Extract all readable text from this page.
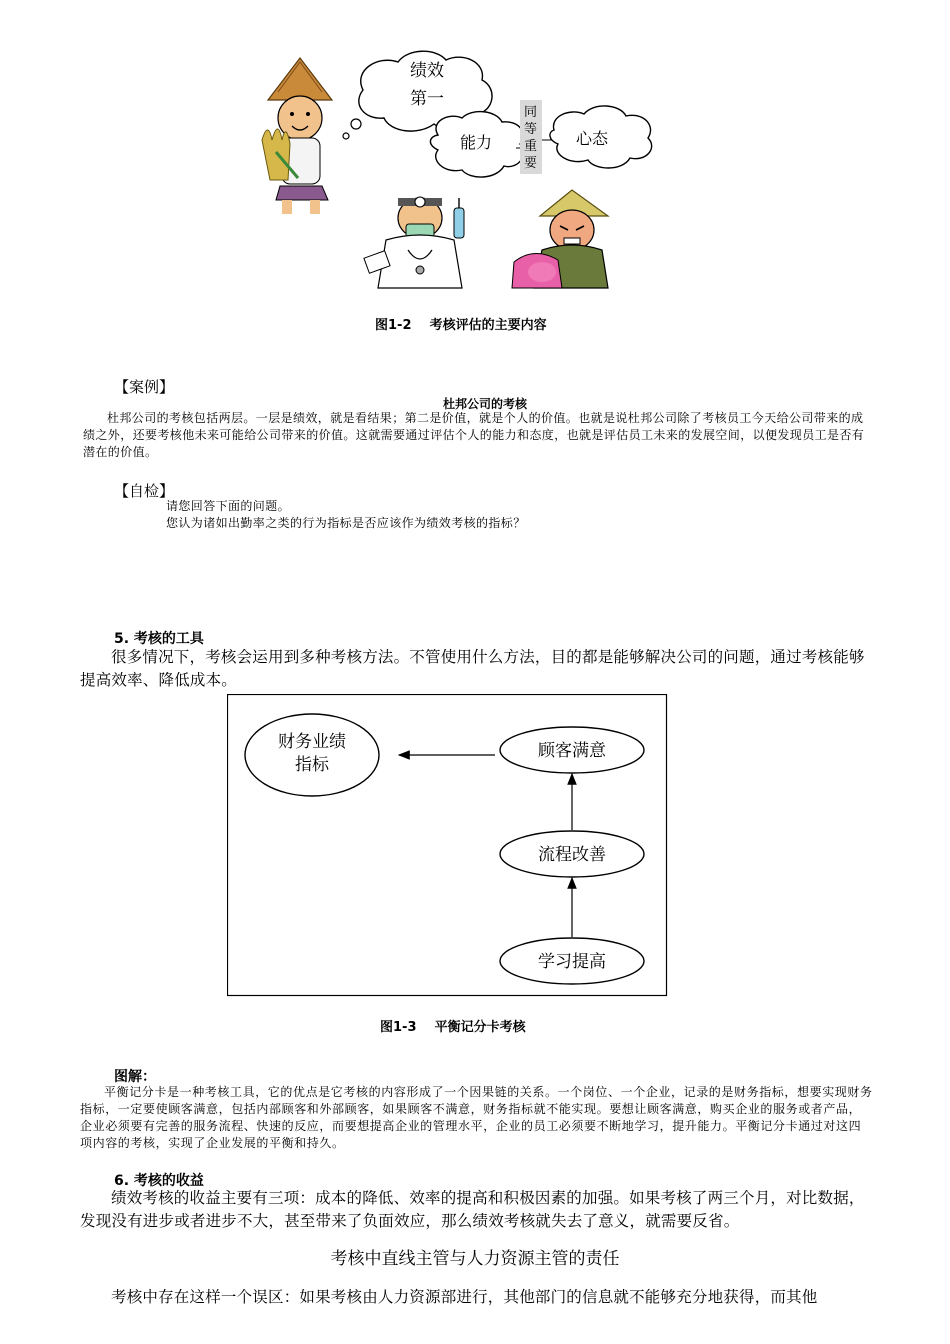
绩效
第一
能力
同 等 重 要
心态
图1-2    考核评估的主要内容
【案例】
杜邦公司的考核
杜邦公司的考核包括两层。一层是绩效，就是看结果；第二是价值，就是个人的价值。也就是说杜邦公司除了考核员工今天给公司带来的成绩之外，还要考核他未来可能给公司带来的价值。这就需要通过评估个人的能力和态度，也就是评估员工未来的发展空间，以便发现员工是否有潜在的价值。
【自检】
请您回答下面的问题。
您认为诸如出勤率之类的行为指标是否应该作为绩效考核的指标？
5. 考核的工具
很多情况下，考核会运用到多种考核方法。不管使用什么方法，目的都是能够解决公司的问题，通过考核能够提高效率、降低成本。
财务业绩
指标
顾客满意
流程改善
学习提高
图1-3    平衡记分卡考核
图解：
平衡记分卡是一种考核工具，它的优点是它考核的内容形成了一个因果链的关系。一个岗位、一个企业，记录的是财务指标，想要实现财务指标，一定要使顾客满意，包括内部顾客和外部顾客，如果顾客不满意，财务指标就不能实现。要想让顾客满意，购买企业的服务或者产品，企业必须要有完善的服务流程、快速的反应，而要想提高企业的管理水平，企业的员工必须要不断地学习，提升能力。平衡记分卡通过对这四项内容的考核，实现了企业发展的平衡和持久。
6. 考核的收益
绩效考核的收益主要有三项：成本的降低、效率的提高和积极因素的加强。如果考核了两三个月，对比数据，发现没有进步或者进步不大，甚至带来了负面效应，那么绩效考核就失去了意义，就需要反省。
考核中直线主管与人力资源主管的责任
考核中存在这样一个误区：如果考核由人力资源部进行，其他部门的信息就不能够充分地获得，而其他
